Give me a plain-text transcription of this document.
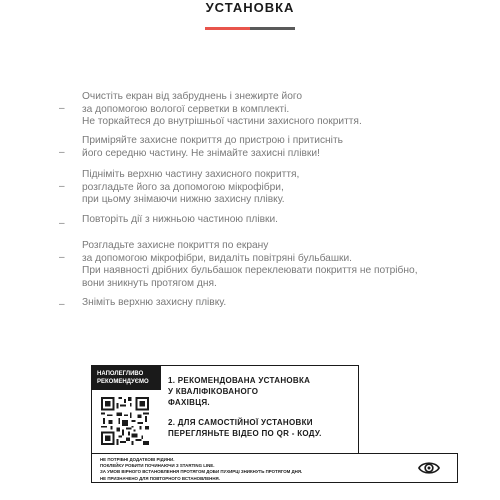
УСТАНОВКА
–
Очистіть екран від забруднень і знежирте його
за допомогою вологої серветки в комплекті.
Не торкайтеся до внутрішньої частини захисного покриття.
–
Приміряйте захисне покриття до пристрою і притисніть
його середню частину. Не знімайте захисні плівки!
–
Підніміть верхню частину захисного покриття,
розгладьте його за допомогою мікрофібри,
при цьому знімаючи нижню захисну плівку.
– Повторіть дії з нижньою частиною плівки.
–
Розгладьте захисне покриття по екрану
за допомогою мікрофібри, видаліть повітряні бульбашки.
При наявності дрібних бульбашок переклеювати покриття не потрібно,
вони зникнуть протягом дня.
– Зніміть верхню захисну плівку.
НАПОЛЕГЛИВО
РЕКОМЕНДУЄМО	1. РЕКОМЕНДОВАНА УСТАНОВКА
У КВАЛІФІКОВАНОГО
ФАХІВЦЯ.
2. ДЛЯ САМОСТІЙНОЇ УСТАНОВКИ
ПЕРЕГЛЯНЬТЕ ВІДЕО ПО QR - КОДУ.
НЕ ПОТРІБНІ ДОДАТКОВІ РІДИНИ.
ПОКЛЕЙКУ РОБИТИ ПОЧИНАЮЧИ З STARTING LINE.
ЗА УМОВ ВІРНОГО ВСТАНОВЛЕННЯ ПРОТЯГОМ ДОБИ ПУХИРЦІ ЗНИКНУТЬ ПРОТЯГОМ ДНЯ.
НЕ ПРИЗНАЧЕНО ДЛЯ ПОВТОРНОГО ВСТАНОВЛЕННЯ.
